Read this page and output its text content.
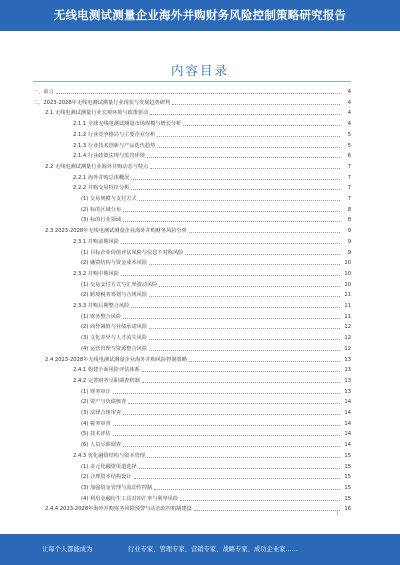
无线电测试测量企业海外并购财务风险控制策略研究报告
内容目录
一、前言	4
二、2023-2028年无线电测试测量行业现状与发展趋势研判	4
2.1 无线电测试测量行业宏观环境与政策驱动	4
2.1.1 全球无线电测试测量市场规模与增长分析	4
2.1.2 行业竞争格局与主要企业分析	5
2.1.3 行业技术创新与产品迭代趋势	5
2.1.4 行业政策法规与监管环境	6
2.2 无线电测试测量行业海外并购动态与特点	7
2.2.1 海外并购总体概况	7
2.2.2 并购交易特征分析	7
(1) 交易规模与支付方式	7
(2) 标的区域分布	8
(3) 标的行业领域	8
2.3 2023-2028年无线电测试测量企业海外并购财务风险分析	9
2.3.1 并购前期风险	9
(1) 目标企业价值评估风险与信息不对称风险	9
(2) 融资结构与资金成本风险	10
2.3.2 并购中期风险	10
(1) 交易支付方式与汇率波动风险	10
(2) 跨境税务筹划与合规风险	11
2.3.3 并购后期整合风险	11
(1) 财务整合风险	11
(2) 商誉减值与业绩承诺风险	12
(3) 文化差异与人才流失风险	12
(4) 运营管理与资源整合风险	12
2.4 2023-2028年无线电测试测量企业海外并购风险控制策略	13
2.4.1 构建全面风险评估体系	13
2.4.2 完善财务尽职调查机制	13
(1) 财务审计	13
(2) 资产与负债核查	14
(3) 法律合规审查	14
(4) 税务审查	14
(5) 技术评估	14
(6) 人员尽职调查	14
2.4.3 优化融资结构与资本管理	15
(1) 多元化融资渠道选择	15
(2) 合理资本结构设计	15
(3) 加强资金管理与流动性控制	15
(4) 利用金融衍生工具对冲汇率与利率风险	15
2.4.4 2023-2028年海外并购财务风险预警与动态监控机制建设	16
1
让每个人都能成为	行业专家、管理专家、营销专家、战略专家、成功企业家……
